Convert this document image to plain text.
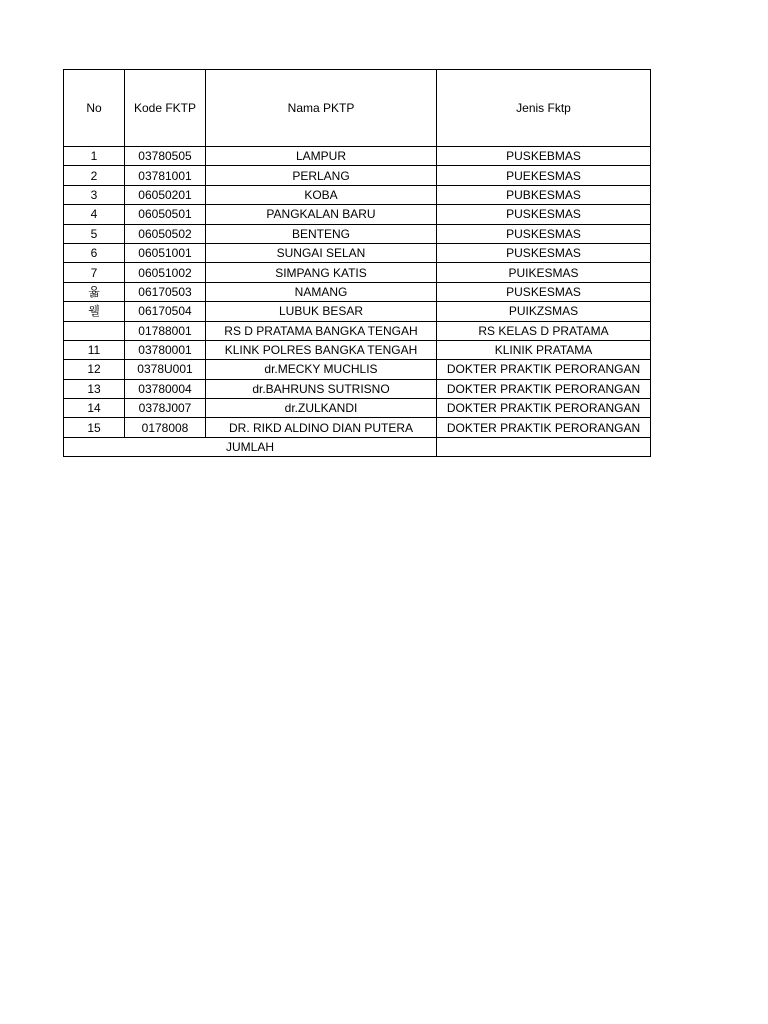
No	Kode FKTP	Nama PKTP	Jenis Fktp
1	03780505	LAMPUR	PUSKEBMAS
2	03781001	PERLANG	PUEKESMAS
3	06050201	KOBA	PUBKESMAS
4	06050501	PANGKALAN BARU	PUSKESMAS
5	06050502	BENTENG	PUSKESMAS
6	06051001	SUNGAI SELAN	PUSKESMAS
7	06051002	SIMPANG KATIS	PUIKESMAS
윫	06170503	NAMANG	PUSKESMAS
웰	06170504	LUBUK BESAR	PUIKZSMAS
	01788001	RS D PRATAMA BANGKA TENGAH	RS KELAS D PRATAMA
11	03780001	KLINK POLRES BANGKA TENGAH	KLINIK PRATAMA
12	0378U001	dr.MECKY MUCHLIS	DOKTER PRAKTIK PERORANGAN
13	03780004	dr.BAHRUNS SUTRISNO	DOKTER PRAKTIK PERORANGAN
14	0378J007	dr.ZULKANDI	DOKTER PRAKTIK PERORANGAN
15	0178008	DR. RIKD ALDINO DIAN PUTERA	DOKTER PRAKTIK PERORANGAN
JUMLAH			
